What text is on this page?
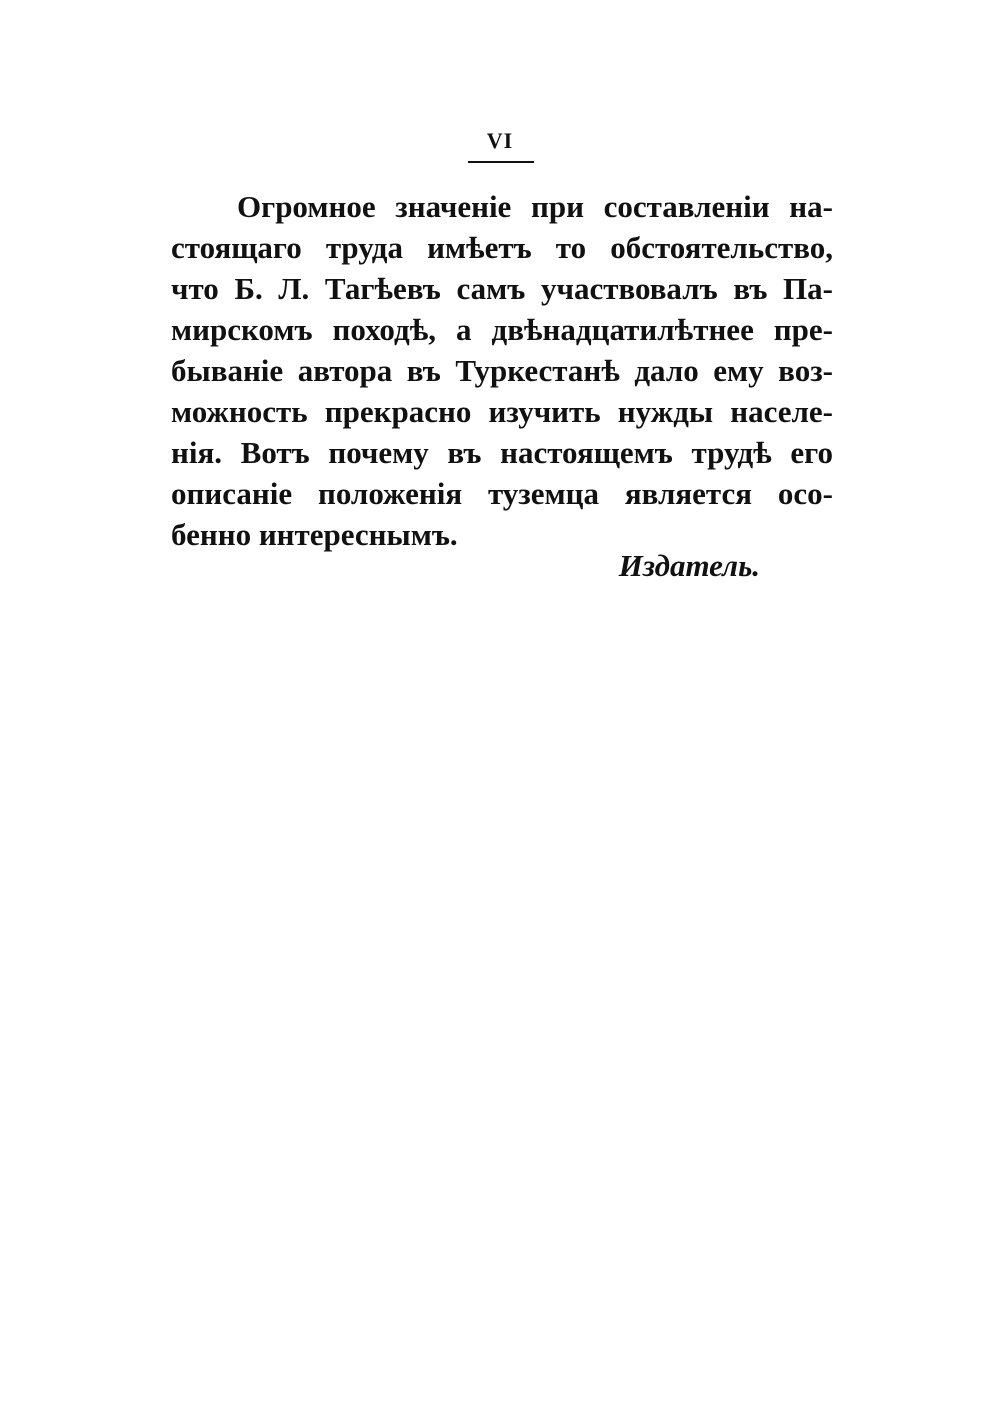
VI
Огромное значеніе при составленіи на-
стоящаго труда имѣетъ то обстоятельство,
что Б. Л. Тагѣевъ самъ участвовалъ въ Па-
мирскомъ походѣ, а двѣнадцатилѣтнее пре-
бываніе автора въ Туркестанѣ дало ему воз-
можность прекрасно изучить нужды населе-
нія. Вотъ почему въ настоящемъ трудѣ его
описаніе положенія туземца является осо-
бенно интереснымъ.
Издатель.
